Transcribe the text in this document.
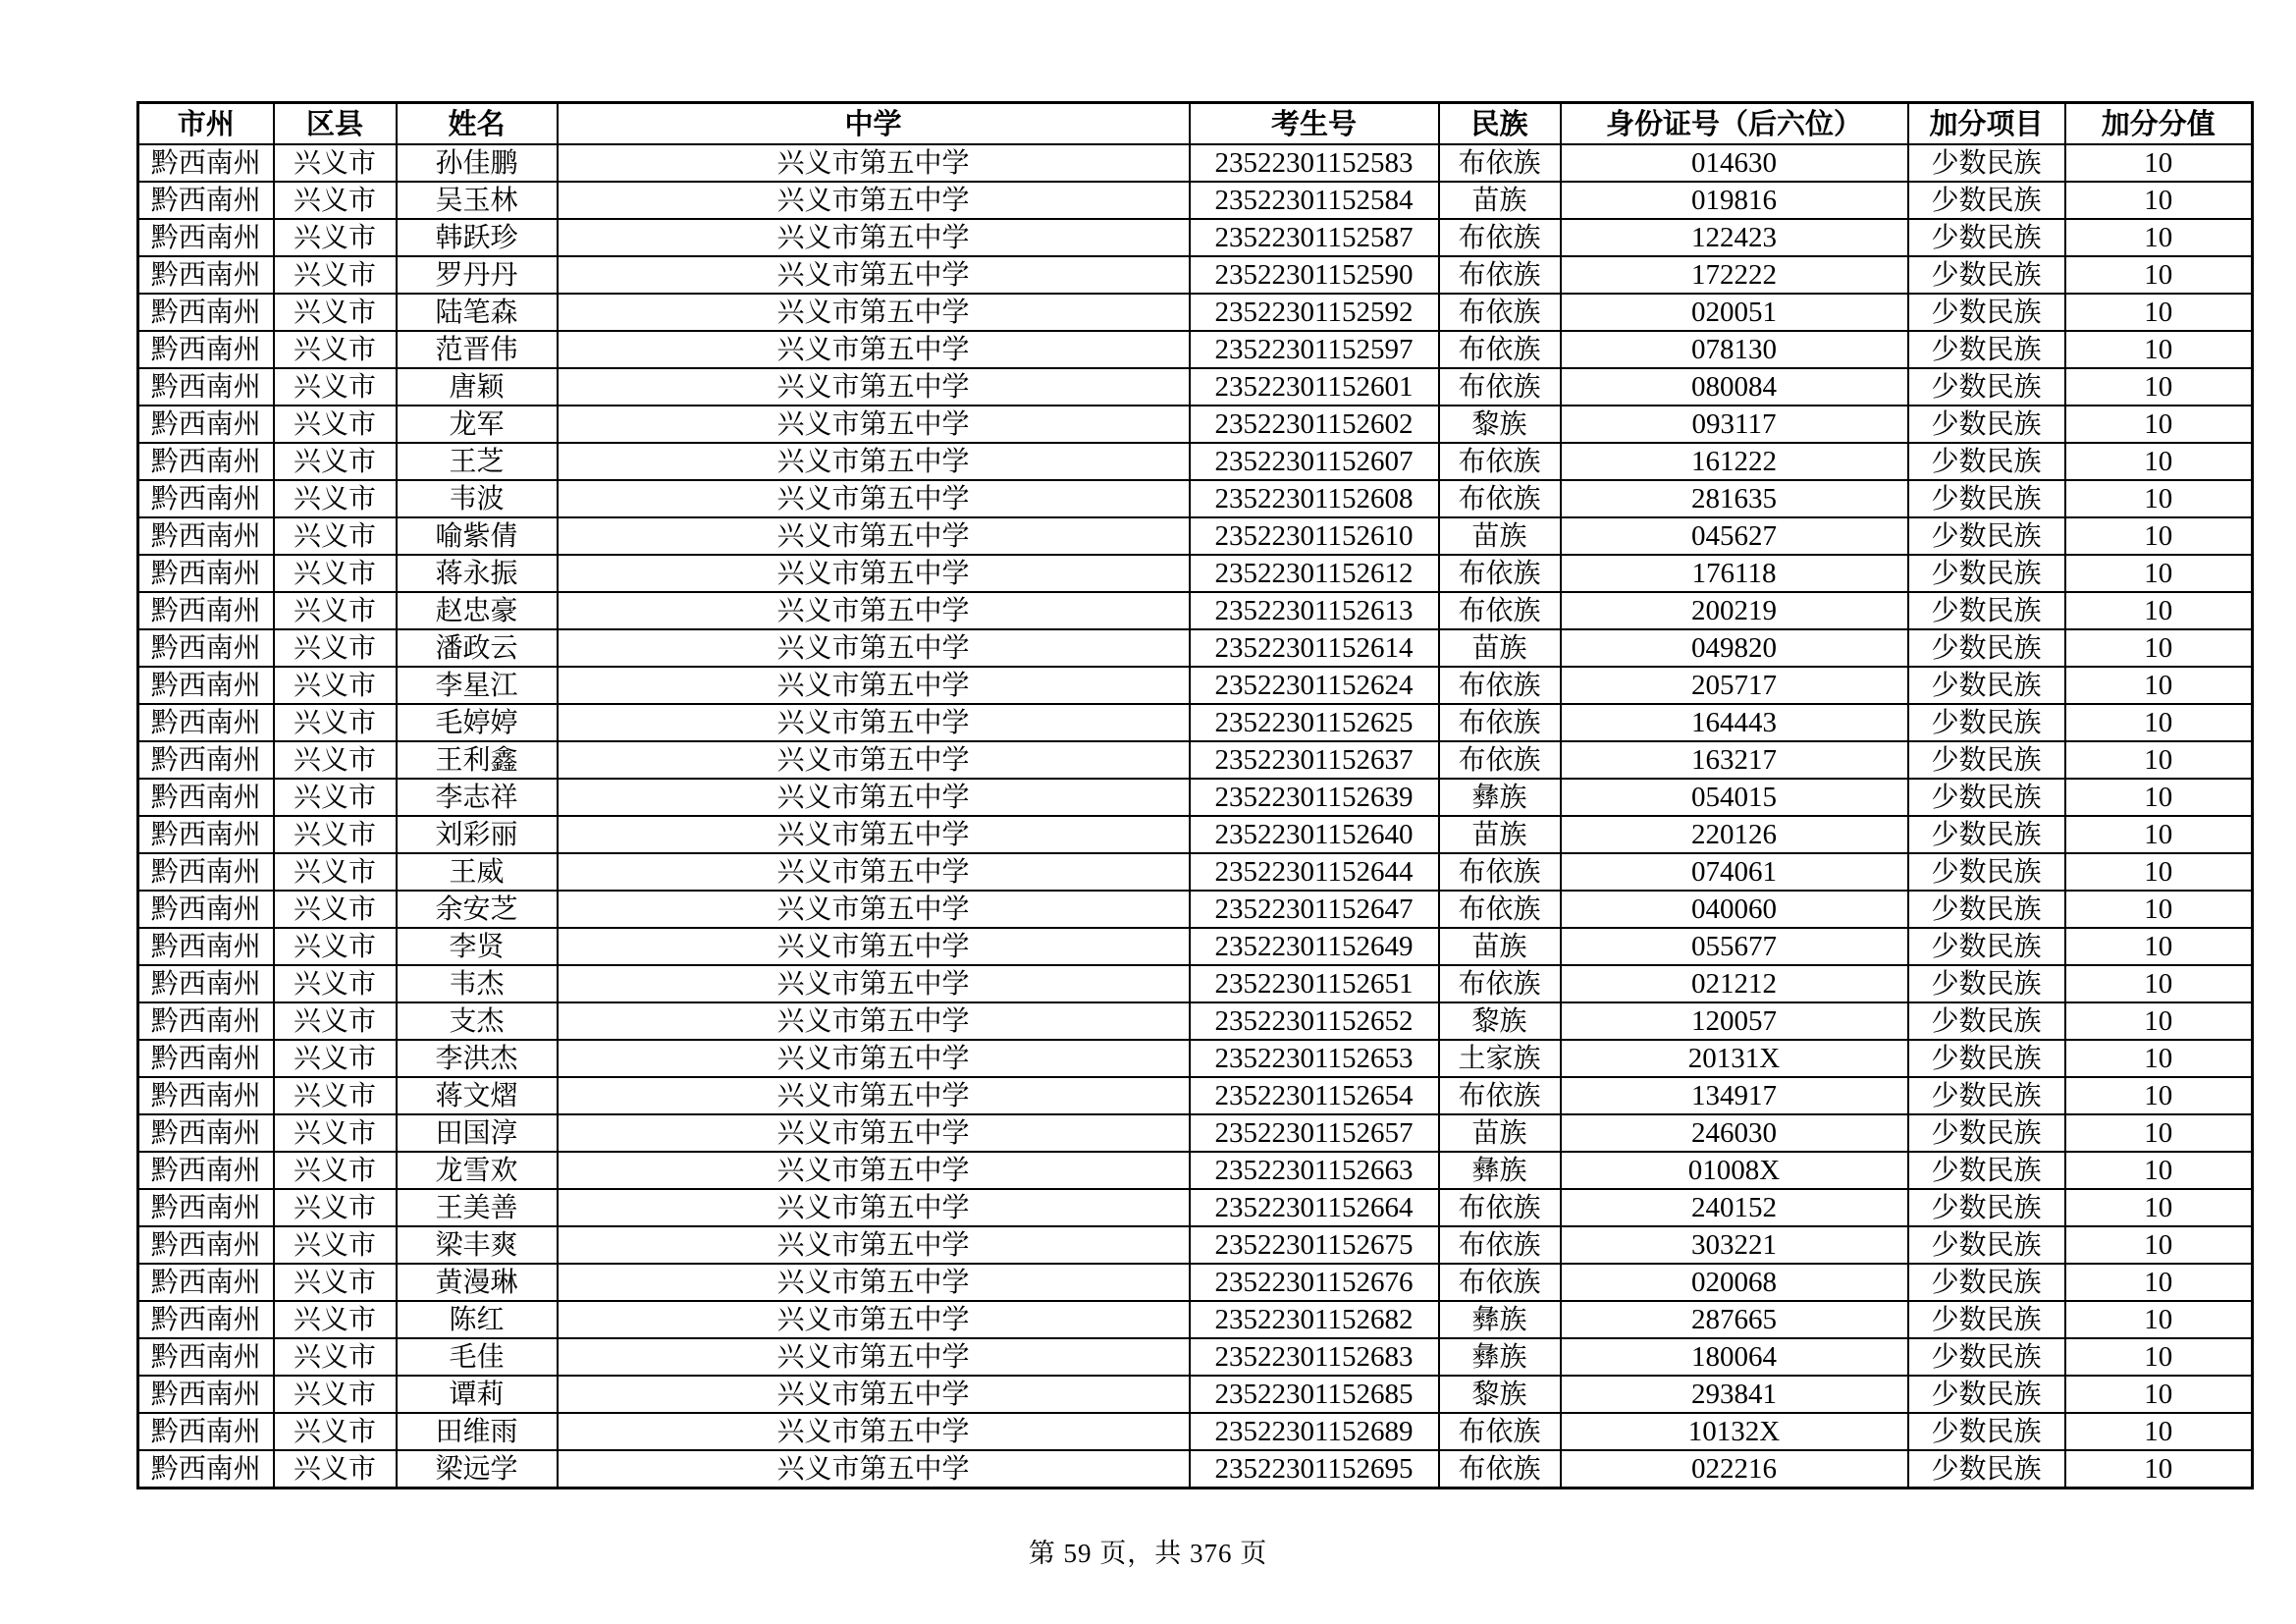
市州	区县	姓名	中学	考生号	民族	身份证号（后六位）	加分项目	加分分值
黔西南州	兴义市	孙佳鹏	兴义市第五中学	23522301152583	布依族	014630	少数民族	10
黔西南州	兴义市	吴玉林	兴义市第五中学	23522301152584	苗族	019816	少数民族	10
黔西南州	兴义市	韩跃珍	兴义市第五中学	23522301152587	布依族	122423	少数民族	10
黔西南州	兴义市	罗丹丹	兴义市第五中学	23522301152590	布依族	172222	少数民族	10
黔西南州	兴义市	陆笔森	兴义市第五中学	23522301152592	布依族	020051	少数民族	10
黔西南州	兴义市	范晋伟	兴义市第五中学	23522301152597	布依族	078130	少数民族	10
黔西南州	兴义市	唐颖	兴义市第五中学	23522301152601	布依族	080084	少数民族	10
黔西南州	兴义市	龙军	兴义市第五中学	23522301152602	黎族	093117	少数民族	10
黔西南州	兴义市	王芝	兴义市第五中学	23522301152607	布依族	161222	少数民族	10
黔西南州	兴义市	韦波	兴义市第五中学	23522301152608	布依族	281635	少数民族	10
黔西南州	兴义市	喻紫倩	兴义市第五中学	23522301152610	苗族	045627	少数民族	10
黔西南州	兴义市	蒋永振	兴义市第五中学	23522301152612	布依族	176118	少数民族	10
黔西南州	兴义市	赵忠豪	兴义市第五中学	23522301152613	布依族	200219	少数民族	10
黔西南州	兴义市	潘政云	兴义市第五中学	23522301152614	苗族	049820	少数民族	10
黔西南州	兴义市	李星江	兴义市第五中学	23522301152624	布依族	205717	少数民族	10
黔西南州	兴义市	毛婷婷	兴义市第五中学	23522301152625	布依族	164443	少数民族	10
黔西南州	兴义市	王利鑫	兴义市第五中学	23522301152637	布依族	163217	少数民族	10
黔西南州	兴义市	李志祥	兴义市第五中学	23522301152639	彝族	054015	少数民族	10
黔西南州	兴义市	刘彩丽	兴义市第五中学	23522301152640	苗族	220126	少数民族	10
黔西南州	兴义市	王威	兴义市第五中学	23522301152644	布依族	074061	少数民族	10
黔西南州	兴义市	余安芝	兴义市第五中学	23522301152647	布依族	040060	少数民族	10
黔西南州	兴义市	李贤	兴义市第五中学	23522301152649	苗族	055677	少数民族	10
黔西南州	兴义市	韦杰	兴义市第五中学	23522301152651	布依族	021212	少数民族	10
黔西南州	兴义市	支杰	兴义市第五中学	23522301152652	黎族	120057	少数民族	10
黔西南州	兴义市	李洪杰	兴义市第五中学	23522301152653	土家族	20131X	少数民族	10
黔西南州	兴义市	蒋文熠	兴义市第五中学	23522301152654	布依族	134917	少数民族	10
黔西南州	兴义市	田国淳	兴义市第五中学	23522301152657	苗族	246030	少数民族	10
黔西南州	兴义市	龙雪欢	兴义市第五中学	23522301152663	彝族	01008X	少数民族	10
黔西南州	兴义市	王美善	兴义市第五中学	23522301152664	布依族	240152	少数民族	10
黔西南州	兴义市	梁丰爽	兴义市第五中学	23522301152675	布依族	303221	少数民族	10
黔西南州	兴义市	黄漫琳	兴义市第五中学	23522301152676	布依族	020068	少数民族	10
黔西南州	兴义市	陈红	兴义市第五中学	23522301152682	彝族	287665	少数民族	10
黔西南州	兴义市	毛佳	兴义市第五中学	23522301152683	彝族	180064	少数民族	10
黔西南州	兴义市	谭莉	兴义市第五中学	23522301152685	黎族	293841	少数民族	10
黔西南州	兴义市	田维雨	兴义市第五中学	23522301152689	布依族	10132X	少数民族	10
黔西南州	兴义市	梁远学	兴义市第五中学	23522301152695	布依族	022216	少数民族	10
第 59 页，共 376 页
